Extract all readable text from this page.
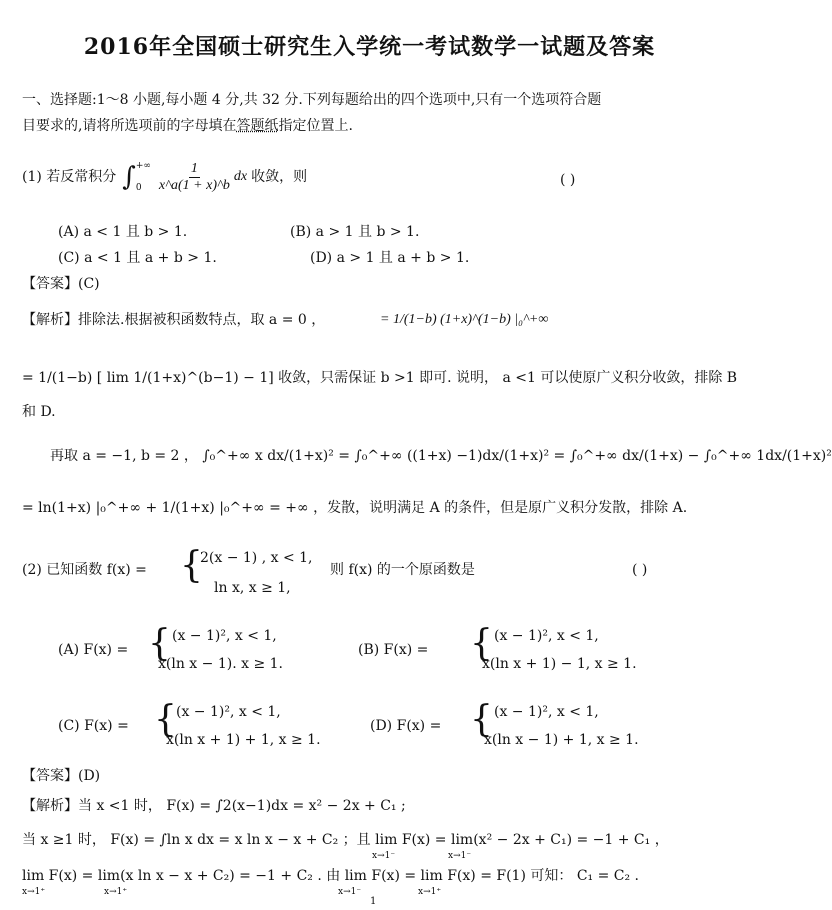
2016年全国硕士研究生入学统一考试数学一试题及答案
一、选择题:1～8 小题,每小题 4 分,共 32 分.下列每题给出的四个选项中,只有一个选项符合题
目要求的,请将所选项前的字母填在答题纸指定位置上.
(1) 若反常积分 ∫ +∞
0	$\frac{1}{x\^{}a(1 + x)\^{}b}$ dx 收敛，则	( )
(A) a < 1 且 b > 1.	(B) a > 1 且 b > 1.
(C) a < 1 且 a + b > 1.	(D) a > 1 且 a + b > 1.
【答案】(C)
【解析】排除法.根据被积函数特点，取 a = 0 ，	= 1/(1−b) (1+x)^(1−b) |₀^+∞
= 1/(1−b) [ lim 1/(1+x)^(b−1) − 1] 收敛，只需保证 b >1 即可. 说明， a <1 可以使原广义积分收敛，排除 B
和 D.
再取 a = −1, b = 2 ， ∫₀^+∞ x dx/(1+x)² = ∫₀^+∞ ((1+x) −1)dx/(1+x)² = ∫₀^+∞ dx/(1+x) − ∫₀^+∞ 1dx/(1+x)²
= ln(1+x) |₀^+∞ + 1/(1+x) |₀^+∞ = +∞ ，发散，说明满足 A 的条件，但是原广义积分发散，排除 A.
(2) 已知函数 f(x) = {
2(x − 1) , x < 1,
ln x, x ≥ 1,
则 f(x) 的一个原函数是	( )
(A) F(x) = { (x − 1)², x < 1,
x(ln x − 1). x ≥ 1.
(B) F(x) = { (x − 1)², x < 1,
x(ln x + 1) − 1, x ≥ 1.
(C) F(x) = { (x − 1)², x < 1,
x(ln x + 1) + 1, x ≥ 1.
(D) F(x) = { (x − 1)², x < 1,
x(ln x − 1) + 1, x ≥ 1.
【答案】(D)
【解析】当 x <1 时， F(x) = ∫2(x−1)dx = x² − 2x + C₁ ;
当 x ≥1 时， F(x) = ∫ln x dx = x ln x − x + C₂ ；且 lim F(x) = lim(x² − 2x + C₁) = −1 + C₁ ，
x→1⁻	x→1⁻
lim F(x) = lim(x ln x − x + C₂) = −1 + C₂ . 由 lim F(x) = lim F(x) = F(1) 可知： C₁ = C₂ .
x→1⁺	x→1⁺	x→1⁻	x→1⁺
1
